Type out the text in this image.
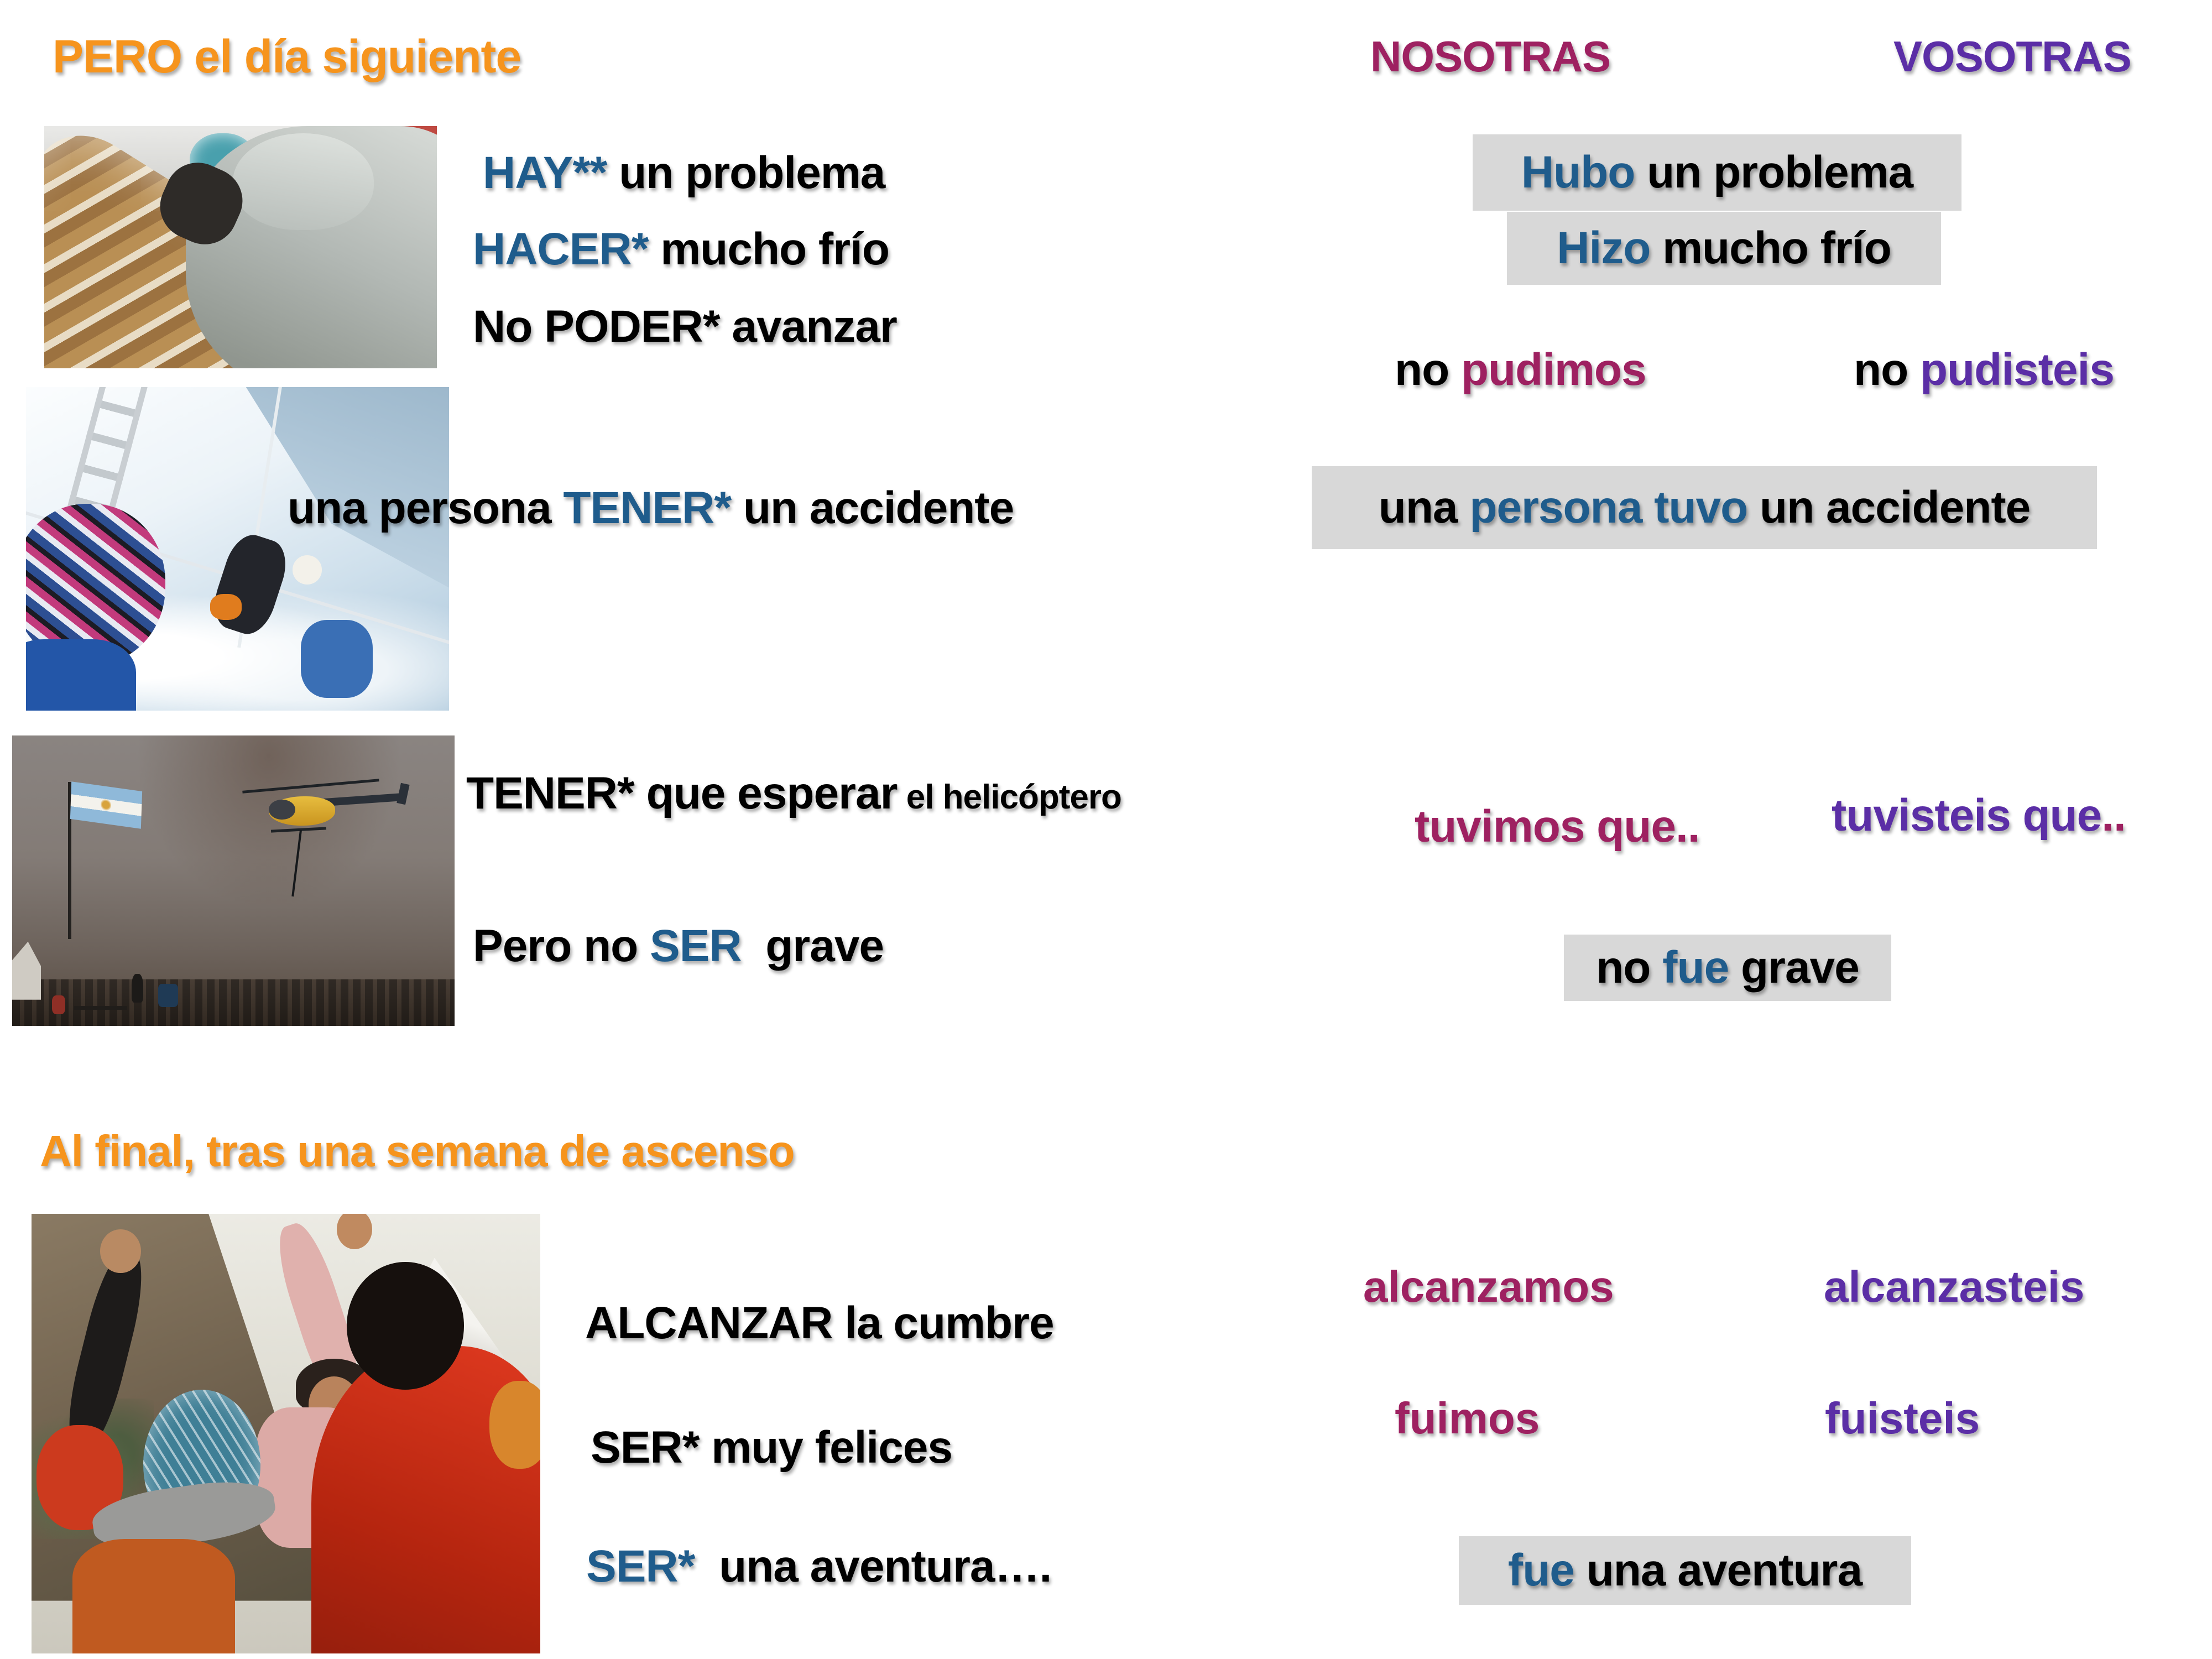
PERO el día siguiente	NOSOTRAS	VOSOTRAS
HAY** un problema
HACER* mucho frío
No PODER* avanzar
Hubo un problema
Hizo mucho frío
no pudimos	no pudisteis
una persona TENER* un accidente	una persona tuvo un accidente
TENER* que esperar el helicóptero
tuvimos que..	tuvisteis que..
Pero no SER  grave	no fue grave
Al final, tras una semana de ascenso
ALCANZAR la cumbre
SER* muy felices
SER*  una aventura….
alcanzamos	alcanzasteis
fuimos	fuisteis
fue una aventura
